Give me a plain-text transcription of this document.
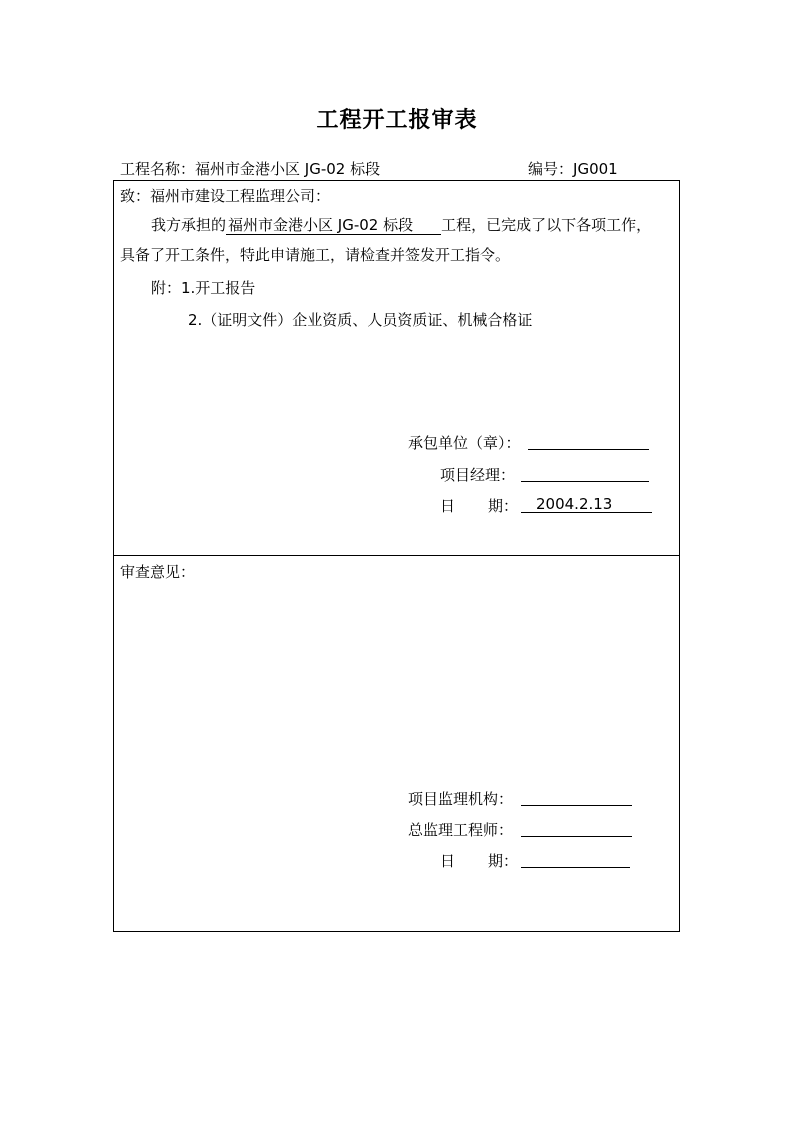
工程开工报审表
工程名称：福州市金港小区 JG-02 标段	编号：JG001
致：福州市建设工程监理公司：
我方承担的 福州市金港小区 JG-02 标段 工程，已完成了以下各项工作，
具备了开工条件，特此申请施工，请检查并签发开工指令。
附：1.开工报告
2.（证明文件）企业资质、人员资质证、机械合格证
承包单位（章）：
项目经理：
日 期： 2004.2.13
审查意见：
项目监理机构：
总监理工程师：
日 期：
